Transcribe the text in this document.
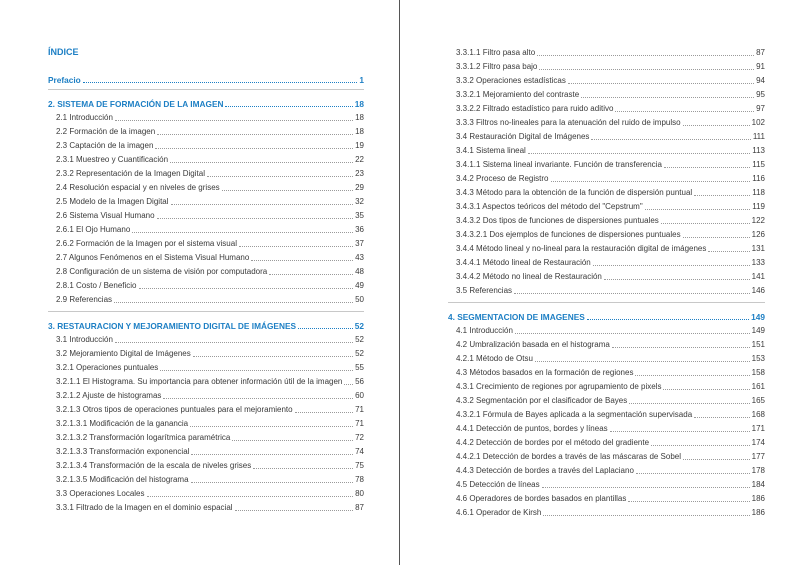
ÍNDICE
Prefacio	1
2. SISTEMA DE FORMACIÓN DE LA IMAGEN	18
2.1 Introducción	18
2.2 Formación de la imagen	18
2.3 Captación de la imagen	19
2.3.1 Muestreo y Cuantificación	22
2.3.2 Representación de la Imagen Digital	23
2.4 Resolución espacial y en niveles de grises	29
2.5 Modelo de la Imagen Digital	32
2.6 Sistema Visual Humano	35
2.6.1 El Ojo Humano	36
2.6.2 Formación de la Imagen por el sistema visual	37
2.7 Algunos Fenómenos en el Sistema Visual Humano	43
2.8 Configuración de un sistema de visión por computadora	48
2.8.1 Costo / Beneficio	49
2.9 Referencias	50
3. RESTAURACION Y MEJORAMIENTO DIGITAL DE IMÁGENES	52
3.1 Introducción	52
3.2 Mejoramiento Digital de Imágenes	52
3.2.1 Operaciones puntuales	55
3.2.1.1 El Histograma. Su importancia para obtener información útil de la imagen 56
3.2.1.2 Ajuste de histogramas	60
3.2.1.3 Otros tipos de operaciones puntuales para el mejoramiento	71
3.2.1.3.1 Modificación de la ganancia	71
3.2.1.3.2 Transformación logarítmica paramétrica	72
3.2.1.3.3 Transformación exponencial	74
3.2.1.3.4 Transformación de la escala de niveles grises	75
3.2.1.3.5 Modificación del histograma	78
3.3 Operaciones Locales	80
3.3.1 Filtrado de la Imagen en el dominio espacial	87
3.3.1.1 Filtro pasa alto	87
3.3.1.2 Filtro pasa bajo	91
3.3.2 Operaciones estadísticas	94
3.3.2.1 Mejoramiento del contraste	95
3.3.2.2 Filtrado estadístico para ruido aditivo	97
3.3.3 Filtros no-lineales para la atenuación del ruido de impulso	102
3.4 Restauración Digital de Imágenes	111
3.4.1 Sistema lineal	113
3.4.1.1 Sistema lineal invariante. Función de transferencia	115
3.4.2 Proceso de Registro	116
3.4.3 Método para la obtención de la función de dispersión puntual	118
3.4.3.1 Aspectos teóricos del método del "Cepstrum"	119
3.4.3.2 Dos tipos de funciones de dispersiones puntuales	122
3.4.3.2.1 Dos ejemplos de funciones de dispersiones puntuales	126
3.4.4 Método lineal y no-lineal para la restauración digital de imágenes	131
3.4.4.1 Método lineal de Restauración	133
3.4.4.2 Método no lineal de Restauración	141
3.5 Referencias	146
4. SEGMENTACION DE IMAGENES	149
4.1 Introducción	149
4.2 Umbralización basada en el histograma	151
4.2.1 Método de Otsu	153
4.3 Métodos basados en la formación de regiones	158
4.3.1 Crecimiento de regiones por agrupamiento de pixels	161
4.3.2 Segmentación por el clasificador de Bayes	165
4.3.2.1 Fórmula de Bayes aplicada a la segmentación supervisada	168
4.4.1 Detección de puntos, bordes y líneas	171
4.4.2 Detección de bordes por el método del gradiente	174
4.4.2.1 Detección de bordes a través de las máscaras de Sobel	177
4.4.3 Detección de bordes a través del Laplaciano	178
4.5 Detección de líneas	184
4.6 Operadores de bordes basados en plantillas	186
4.6.1 Operador de Kirsh	186
